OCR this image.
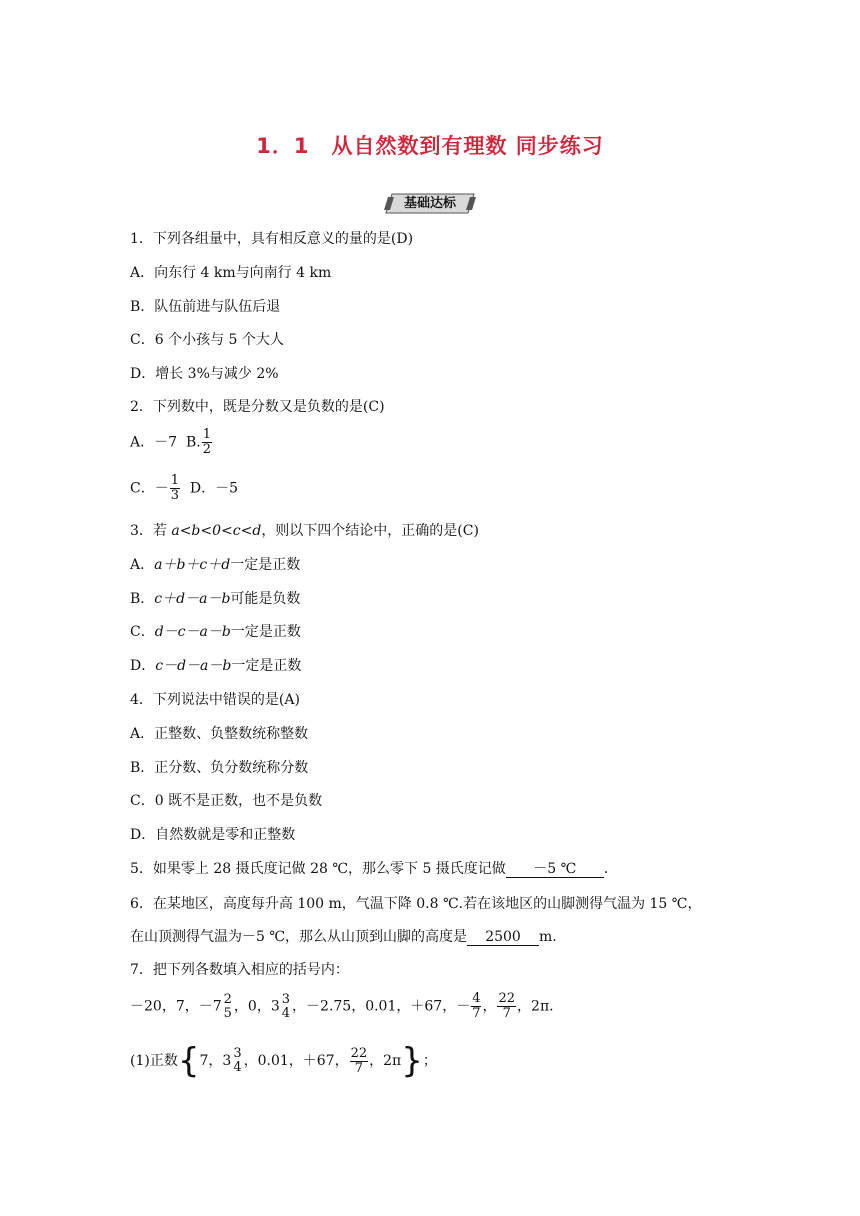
1．1　从自然数到有理数 同步练习
基础达标
1．下列各组量中，具有相反意义的量的是(D)
A．向东行 4 km与向南行 4 km
B．队伍前进与队伍后退
C．6 个小孩与 5 个大人
D．增长 3%与减少 2%
2．下列数中，既是分数又是负数的是(C)
A．－7 B. $\frac{1}{2}$
C．－ $\frac{1}{3}$ D．－5
3．若 a<b<0<c<d，则以下四个结论中，正确的是(C)
A．a＋b＋c＋d一定是正数
B．c＋d－a－b可能是负数
C．d－c－a－b一定是正数
D．c－d－a－b一定是正数
4．下列说法中错误的是(A)
A．正整数、负整数统称整数
B．正分数、负分数统称分数
C．0 既不是正数，也不是负数
D．自然数就是零和正整数
5．如果零上 28 摄氏度记做 28 ℃，那么零下 5 摄氏度记做 －5 ℃ ．
6．在某地区，高度每升高 100 m，气温下降 0.8 ℃.若在该地区的山脚测得气温为 15 ℃，
在山顶测得气温为－5 ℃，那么从山顶到山脚的高度是 2500 m.
7．把下列各数填入相应的括号内：
－20，7，－7 2
5 ，0，3 3
4 ，－2.75，0.01，＋67，－ $\frac{4}{7}$ ， $\frac{22}{7}$ ，2π．
(1)正数{7，3 3
4 ，0.01，＋67， $\frac{22}{7}$ ，2π}；
